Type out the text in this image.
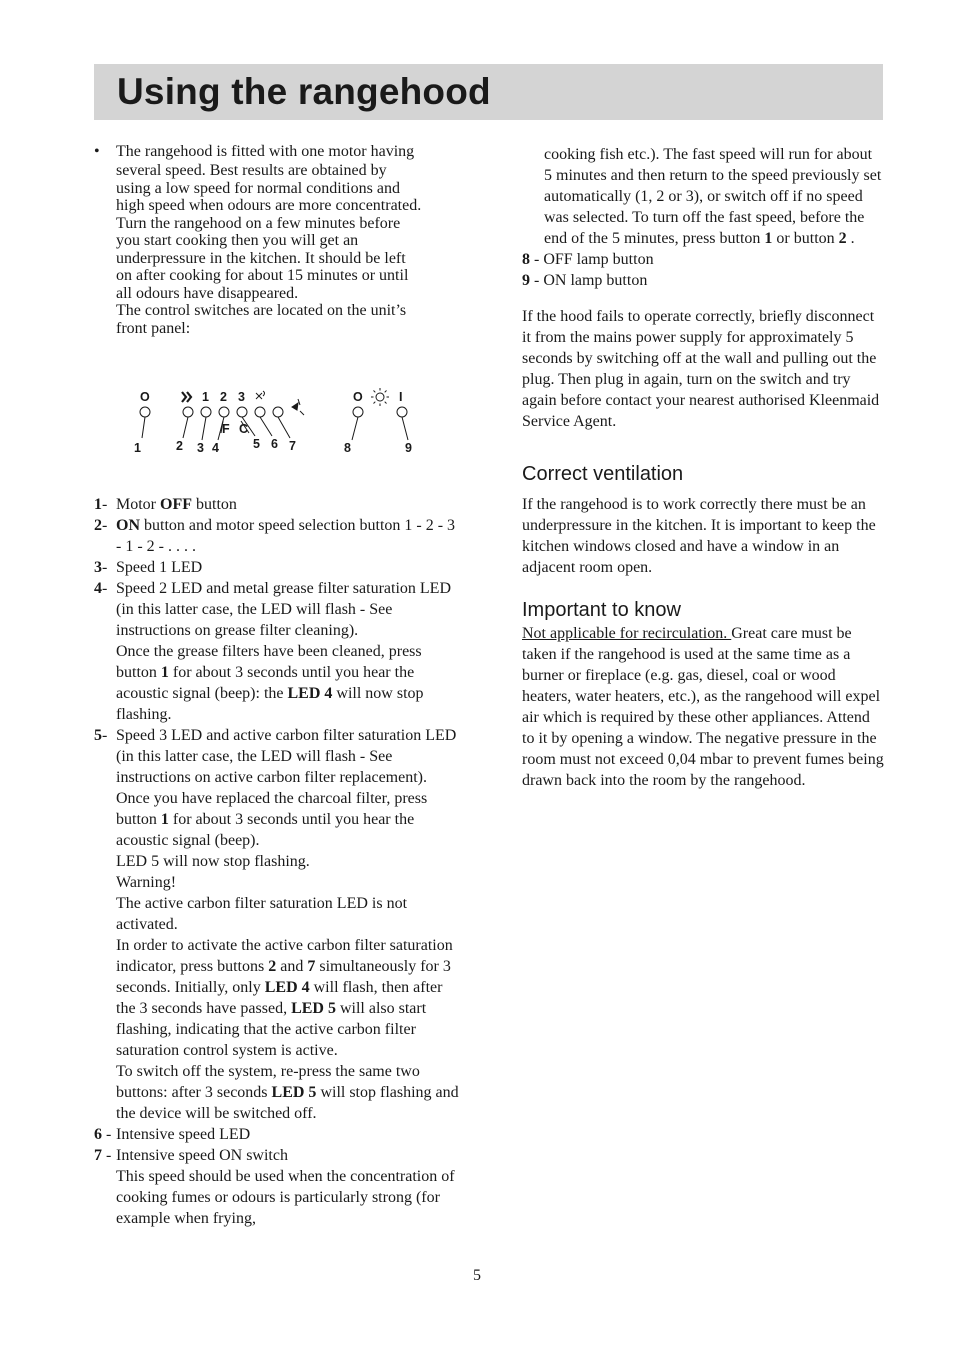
Using the rangehood
• The rangehood is fitted with one motor having
several speed. Best results are obtained by
using a low speed for normal conditions and
high speed when odours are more concentrated.
Turn the rangehood on a few minutes before
you start cooking then you will get an
underpressure in the kitchen. It should be left
on after cooking for about 15 minutes or until
all odours have disappeared.
The control switches are located on the unit’s
front panel:
O	1 2 3	O	I
F C
1	2 3 4	5 6 7	8	9
1- Motor OFF button
2- ON button and motor speed selection button 1 - 2 - 3 - 1 - 2 - . . . .
3- Speed 1 LED
4- Speed 2 LED and metal grease filter saturation LED (in this latter case, the LED will flash - See instructions on grease filter cleaning).
Once the grease filters have been cleaned, press button 1 for about 3 seconds until you hear the acoustic signal (beep): the LED 4 will now stop flashing.
5- Speed 3 LED and active carbon filter saturation LED (in this latter case, the LED will flash - See instructions on active carbon filter replacement).
Once you have replaced the charcoal filter, press button 1 for about 3 seconds until you hear the acoustic signal (beep).
LED 5 will now stop flashing.
Warning!
The active carbon filter saturation LED is not activated.
In order to activate the active carbon filter saturation indicator, press buttons 2 and 7 simultaneously for 3 seconds. Initially, only LED 4 will flash, then after the 3 seconds have passed, LED 5 will also start flashing, indicating that the active carbon filter saturation control system is active.
To switch off the system, re-press the same two buttons: after 3 seconds LED 5 will stop flashing and the device will be switched off.
6 - Intensive speed LED
7 - Intensive speed ON switch
This speed should be used when the concentration of cooking fumes or odours is particularly strong (for example when frying,
cooking fish etc.). The fast speed will run for about 5 minutes and then return to the speed previously set automatically (1, 2 or 3), or switch off if no speed was selected. To turn off the fast speed, before the end of the 5 minutes, press button 1 or button 2 .
8 - OFF lamp button
9 - ON lamp button

If the hood fails to operate correctly, briefly disconnect it from the mains power supply for approximately 5 seconds by switching off at the wall and pulling out the plug. Then plug in again, turn on the switch and try again before contact your nearest authorised Kleenmaid Service Agent.

Correct ventilation

If the rangehood is to work correctly there must be an underpressure in the kitchen. It is important to keep the kitchen windows closed and have a window in an adjacent room open.

Important to know

Not applicable for recirculation. Great care must be taken if the rangehood is used at the same time as a burner or fireplace (e.g. gas, diesel, coal or wood heaters, water heaters, etc.), as the rangehood will expel air which is required by these other appliances. Attend to it by opening a window. The negative pressure in the room must not exceed 0,04 mbar to prevent fumes being drawn back into the room by the rangehood.

5
